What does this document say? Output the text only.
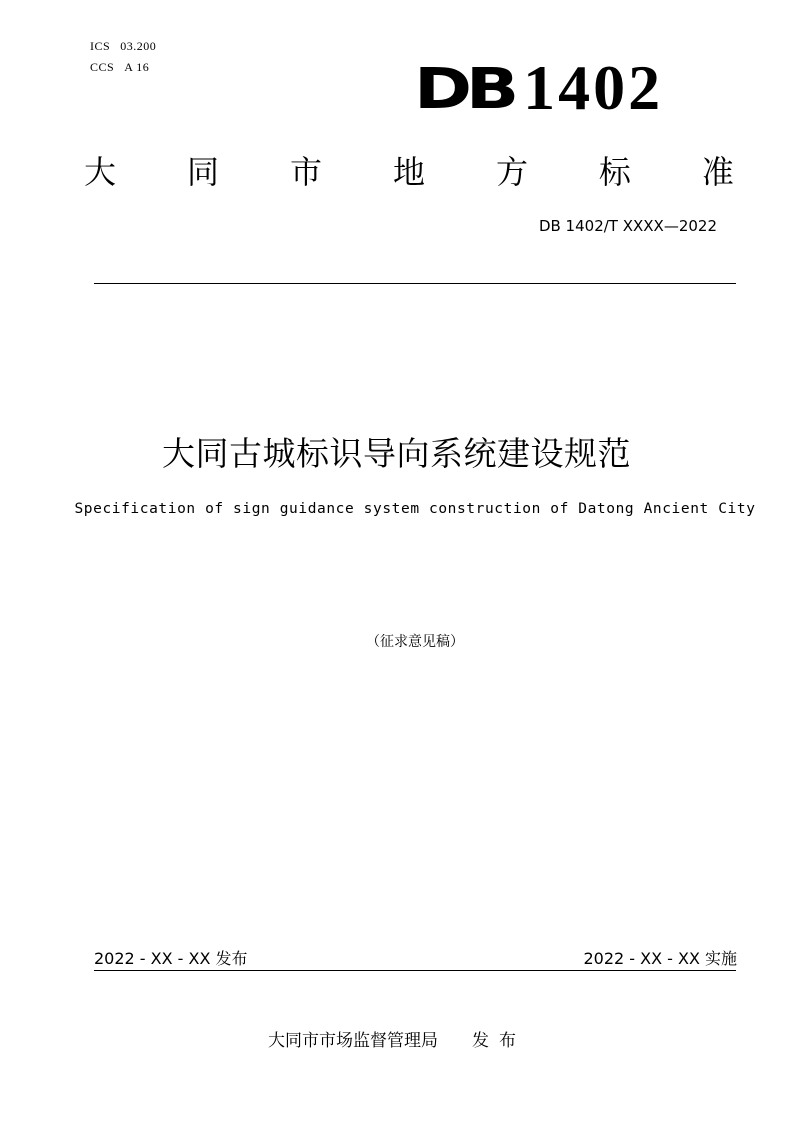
ICS 03.200
CCS A 16	DB 1402
大 同 市 地 方 标 准
DB 1402/T XXXX—2022
大同古城标识导向系统建设规范
Specification of sign guidance system construction of Datong Ancient City
（征求意见稿）
2022 - XX - XX 发布	2022 - XX - XX 实施
大同市市场监督管理局 发布
